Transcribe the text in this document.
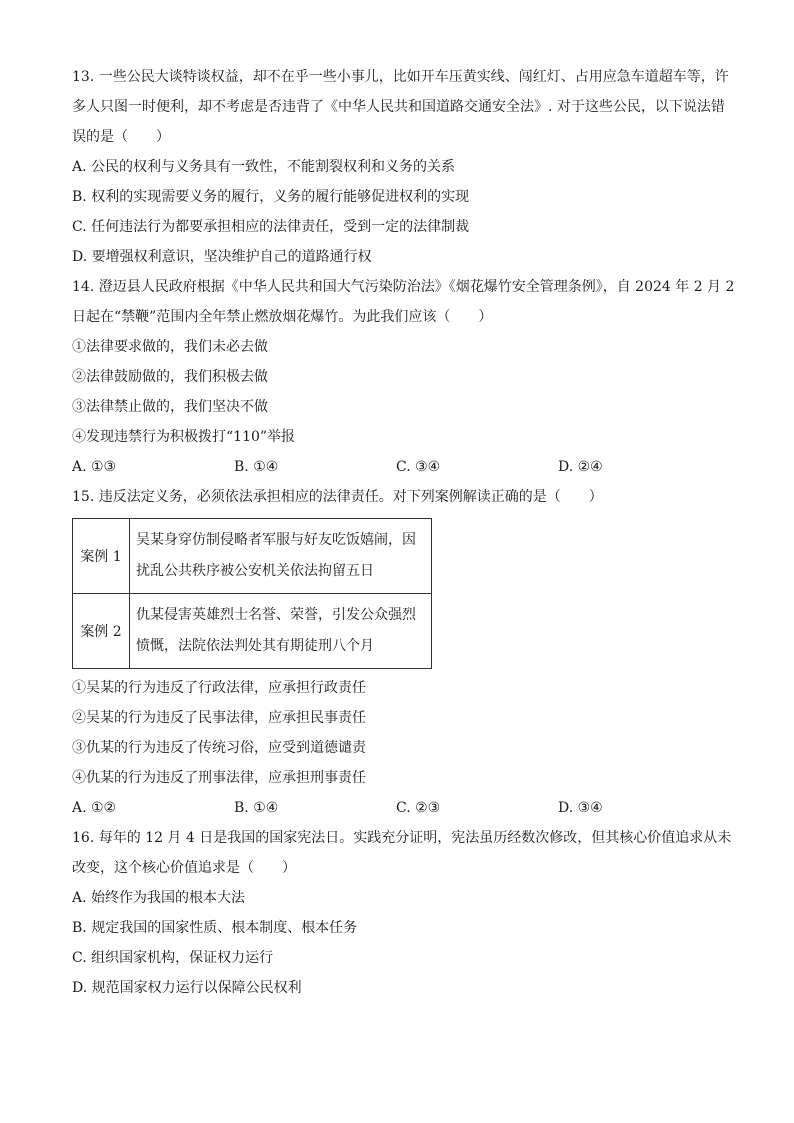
13. 一些公民大谈特谈权益，却不在乎一些小事儿，比如开车压黄实线、闯红灯、占用应急车道超车等，许
多人只图一时便利，却不考虑是否违背了《中华人民共和国道路交通安全法》. 对于这些公民，以下说法错
误的是（　　）
A. 公民的权利与义务具有一致性，不能割裂权利和义务的关系
B. 权利的实现需要义务的履行，义务的履行能够促进权利的实现
C. 任何违法行为都要承担相应的法律责任，受到一定的法律制裁
D. 要增强权利意识，坚决维护自己的道路通行权
14. 澄迈县人民政府根据《中华人民共和国大气污染防治法》《烟花爆竹安全管理条例》，自 2024 年 2 月 2
日起在“禁鞭”范围内全年禁止燃放烟花爆竹。为此我们应该（　　）
①法律要求做的，我们未必去做
②法律鼓励做的，我们积极去做
③法律禁止做的，我们坚决不做
④发现违禁行为积极拨打“110”举报
A. ①③	B. ①④	C. ③④	D. ②④
15. 违反法定义务，必须依法承担相应的法律责任。对下列案例解读正确的是（　　）
案例 1	吴某身穿仿制侵略者军服与好友吃饭嬉闹，因
扰乱公共秩序被公安机关依法拘留五日

案例 2	仇某侵害英雄烈士名誉、荣誉，引发公众强烈
愤慨，法院依法判处其有期徒刑八个月
①吴某的行为违反了行政法律，应承担行政责任
②吴某的行为违反了民事法律，应承担民事责任
③仇某的行为违反了传统习俗，应受到道德谴责
④仇某的行为违反了刑事法律，应承担刑事责任
A. ①②	B. ①④	C. ②③	D. ③④
16. 每年的 12 月 4 日是我国的国家宪法日。实践充分证明，宪法虽历经数次修改，但其核心价值追求从未
改变，这个核心价值追求是（　　）
A. 始终作为我国的根本大法
B. 规定我国的国家性质、根本制度、根本任务
C. 组织国家机构，保证权力运行
D. 规范国家权力运行以保障公民权利
